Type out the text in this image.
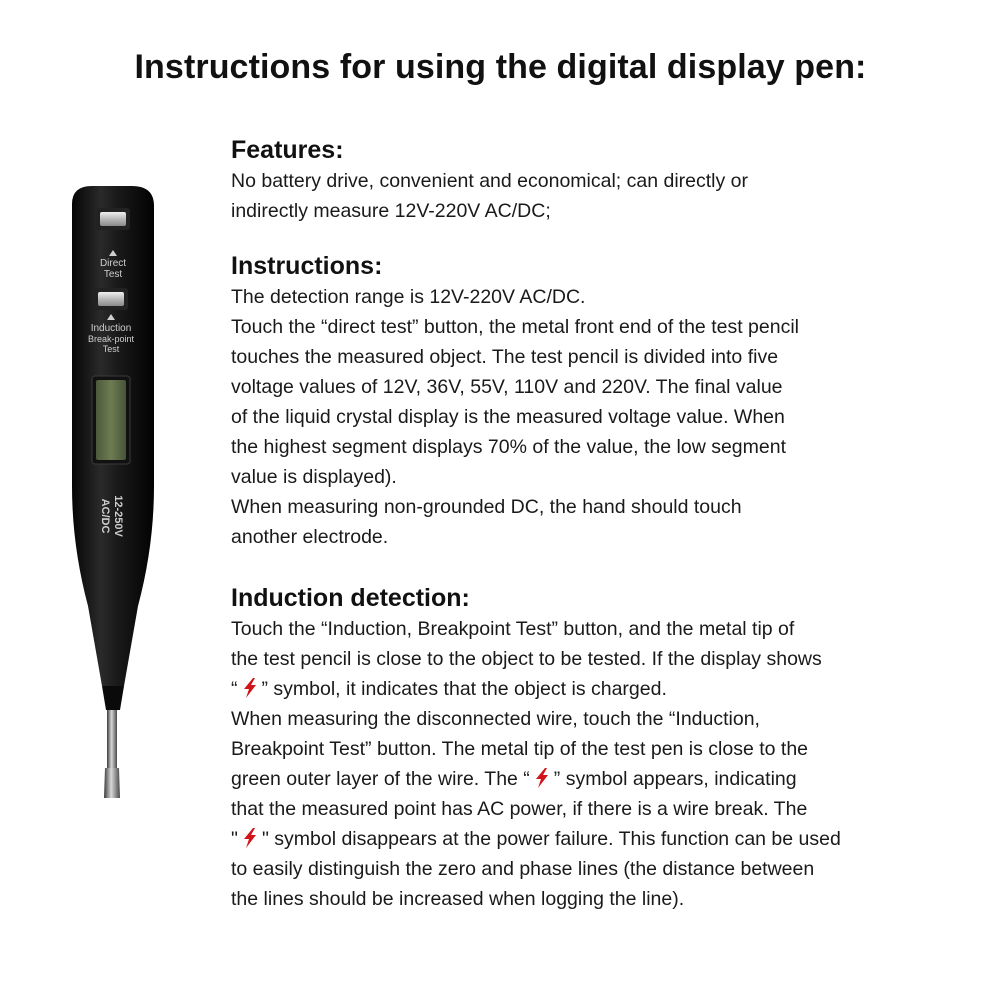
Instructions for using the digital display pen:
Direct
Test
Induction
Break-point
Test
AC/DC 12-250V

Features:

No battery drive, convenient and economical; can directly or

indirectly measure 12V-220V AC/DC;

Instructions:

The detection range is 12V-220V AC/DC.

Touch the “direct test” button, the metal front end of the test pencil

touches the measured object. The test pencil is divided into five

voltage values of 12V, 36V, 55V, 110V and 220V. The final value

of the liquid crystal display is the measured voltage value. When

the highest segment displays 70% of the value, the low segment

value is displayed).

When measuring non-grounded DC, the hand should touch

another electrode.

Induction detection:

Touch the “Induction, Breakpoint Test” button, and the metal tip of

the test pencil is close to the object to be tested. If the display shows

“ ” symbol, it indicates that the object is charged.

When measuring the disconnected wire, touch the “Induction,

Breakpoint Test” button. The metal tip of the test pen is close to the

green outer layer of the wire. The “ ” symbol appears, indicating

that the measured point has AC power, if there is a wire break. The

" " symbol disappears at the power failure. This function can be used

to easily distinguish the zero and phase lines (the distance between

the lines should be increased when logging the line).
